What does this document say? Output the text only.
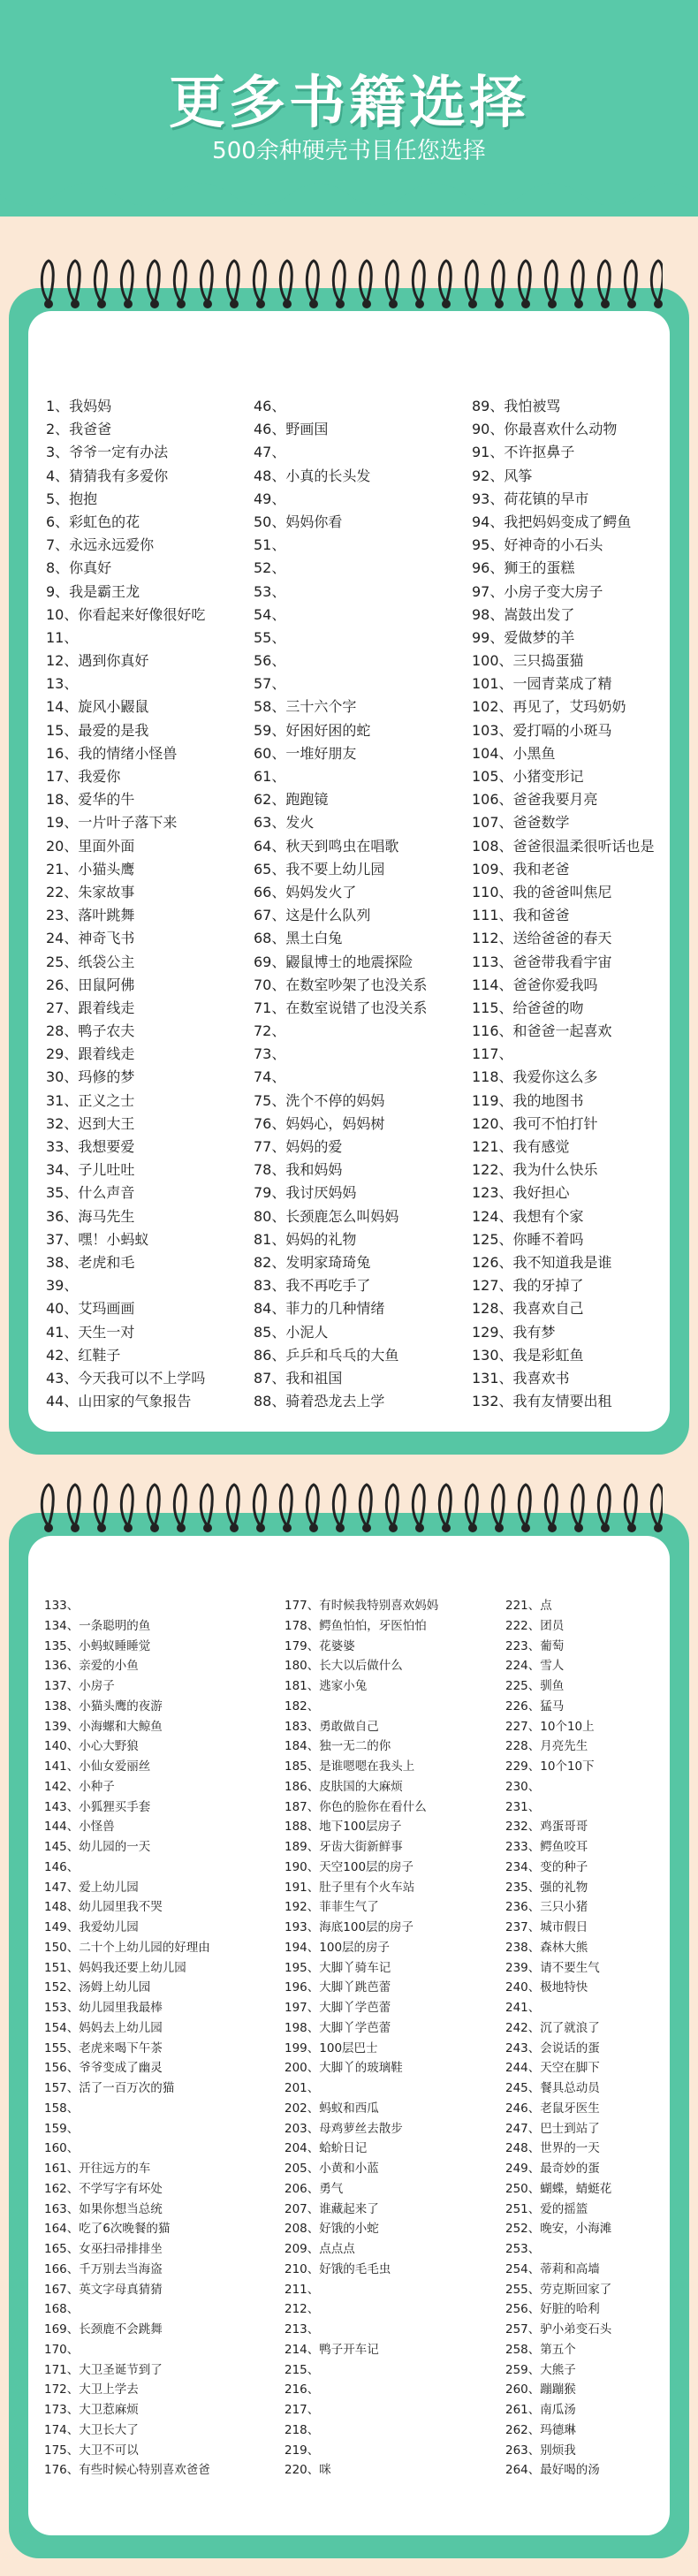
更多书籍选择
500余种硬壳书目任您选择
1、我妈妈
2、我爸爸
3、爷爷一定有办法
4、猜猜我有多爱你
5、抱抱
6、彩虹色的花
7、永远永远爱你
8、你真好
9、我是霸王龙
10、你看起来好像很好吃
11、
12、遇到你真好
13、
14、旋风小鼹鼠
15、最爱的是我
16、我的情绪小怪兽
17、我爱你
18、爱华的牛
19、一片叶子落下来
20、里面外面
21、小猫头鹰
22、朱家故事
23、落叶跳舞
24、神奇飞书
25、纸袋公主
26、田鼠阿佛
27、跟着线走
28、鸭子农夫
29、跟着线走
30、玛修的梦
31、正义之士
32、迟到大王
33、我想要爱
34、子儿吐吐
35、什么声音
36、海马先生
37、嘿！小蚂蚁
38、老虎和毛
39、
40、艾玛画画
41、天生一对
42、红鞋子
43、今天我可以不上学吗
44、山田家的气象报告
46、
46、野画国
47、
48、小真的长头发
49、
50、妈妈你看
51、
52、
53、
54、
55、
56、
57、
58、三十六个字
59、好困好困的蛇
60、一堆好朋友
61、
62、跑跑镜
63、发火
64、秋天到鸣虫在唱歌
65、我不要上幼儿园
66、妈妈发火了
67、这是什么队列
68、黑土白兔
69、鼹鼠博士的地震探险
70、在数室吵架了也没关系
71、在数室说错了也没关系
72、
73、
74、
75、洗个不停的妈妈
76、妈妈心，妈妈树
77、妈妈的爱
78、我和妈妈
79、我讨厌妈妈
80、长颈鹿怎么叫妈妈
81、妈妈的礼物
82、发明家琦琦兔
83、我不再吃手了
84、菲力的几种情绪
85、小泥人
86、乒乒和乓乓的大鱼
87、我和祖国
88、骑着恐龙去上学
89、我怕被骂
90、你最喜欢什么动物
91、不许抠鼻子
92、风筝
93、荷花镇的早市
94、我把妈妈变成了鳄鱼
95、好神奇的小石头
96、狮王的蛋糕
97、小房子变大房子
98、嵩鼓出发了
99、爱做梦的羊
100、三只捣蛋猫
101、一园青菜成了精
102、再见了，艾玛奶奶
103、爱打嗝的小斑马
104、小黑鱼
105、小猪变形记
106、爸爸我要月亮
107、爸爸数学
108、爸爸很温柔很听话也是
109、我和老爸
110、我的爸爸叫焦尼
111、我和爸爸
112、送给爸爸的春天
113、爸爸带我看宇宙
114、爸爸你爱我吗
115、给爸爸的吻
116、和爸爸一起喜欢
117、
118、我爱你这么多
119、我的地图书
120、我可不怕打针
121、我有感觉
122、我为什么快乐
123、我好担心
124、我想有个家
125、你睡不着吗
126、我不知道我是谁
127、我的牙掉了
128、我喜欢自己
129、我有梦
130、我是彩虹鱼
131、我喜欢书
132、我有友情要出租
133、
134、一条聪明的鱼
135、小蚂蚁睡睡觉
136、亲爱的小鱼
137、小房子
138、小猫头鹰的夜游
139、小海螺和大鲸鱼
140、小心大野狼
141、小仙女爱丽丝
142、小种子
143、小狐狸买手套
144、小怪兽
145、幼儿园的一天
146、
147、爱上幼儿园
148、幼儿园里我不哭
149、我爱幼儿园
150、二十个上幼儿园的好理由
151、妈妈我还要上幼儿园
152、汤姆上幼儿园
153、幼儿园里我最棒
154、妈妈去上幼儿园
155、老虎来喝下午茶
156、爷爷变成了幽灵
157、活了一百万次的猫
158、
159、
160、
161、开往远方的车
162、不学写字有坏处
163、如果你想当总统
164、吃了6次晚餐的猫
165、女巫扫帚排排坐
166、千万别去当海盗
167、英文字母真猜猜
168、
169、长颈鹿不会跳舞
170、
171、大卫圣诞节到了
172、大卫上学去
173、大卫惹麻烦
174、大卫长大了
175、大卫不可以
176、有些时候心特别喜欢爸爸
177、有时候我特别喜欢妈妈
178、鳄鱼怕怕，牙医怕怕
179、花婆婆
180、长大以后做什么
181、逃家小兔
182、
183、勇敢做自己
184、独一无二的你
185、是谁嗯嗯在我头上
186、皮肤国的大麻烦
187、你色的脸你在看什么
188、地下100层房子
189、牙齿大街新鲜事
190、天空100层的房子
191、肚子里有个火车站
192、菲菲生气了
193、海底100层的房子
194、100层的房子
195、大脚丫骑车记
196、大脚丫跳芭蕾
197、大脚丫学芭蕾
198、大脚丫学芭蕾
199、100层巴士
200、大脚丫的玻璃鞋
201、
202、蚂蚁和西瓜
203、母鸡萝丝去散步
204、蛤蚧日记
205、小黄和小蓝
206、勇气
207、谁藏起来了
208、好饿的小蛇
209、点点点
210、好饿的毛毛虫
211、
212、
213、
214、鸭子开车记
215、
216、
217、
218、
219、
220、咪
221、点
222、团员
223、葡萄
224、雪人
225、驯鱼
226、猛马
227、10个10上
228、月亮先生
229、10个10下
230、
231、
232、鸡蛋哥哥
233、鳄鱼咬耳
234、变的种子
235、强的礼物
236、三只小猪
237、城市假日
238、森林大熊
239、请不要生气
240、极地特快
241、
242、沉了就浪了
243、会说话的蛋
244、天空在脚下
245、餐具总动员
246、老鼠牙医生
247、巴士到站了
248、世界的一天
249、最奇妙的蛋
250、蝴蝶，蜻蜓花
251、爱的摇篮
252、晚安，小海滩
253、
254、蒂莉和高墙
255、劳克斯回家了
256、好脏的哈利
257、驴小弟变石头
258、第五个
259、大熊子
260、蹦蹦猴
261、南瓜汤
262、玛德琳
263、别烦我
264、最好喝的汤
